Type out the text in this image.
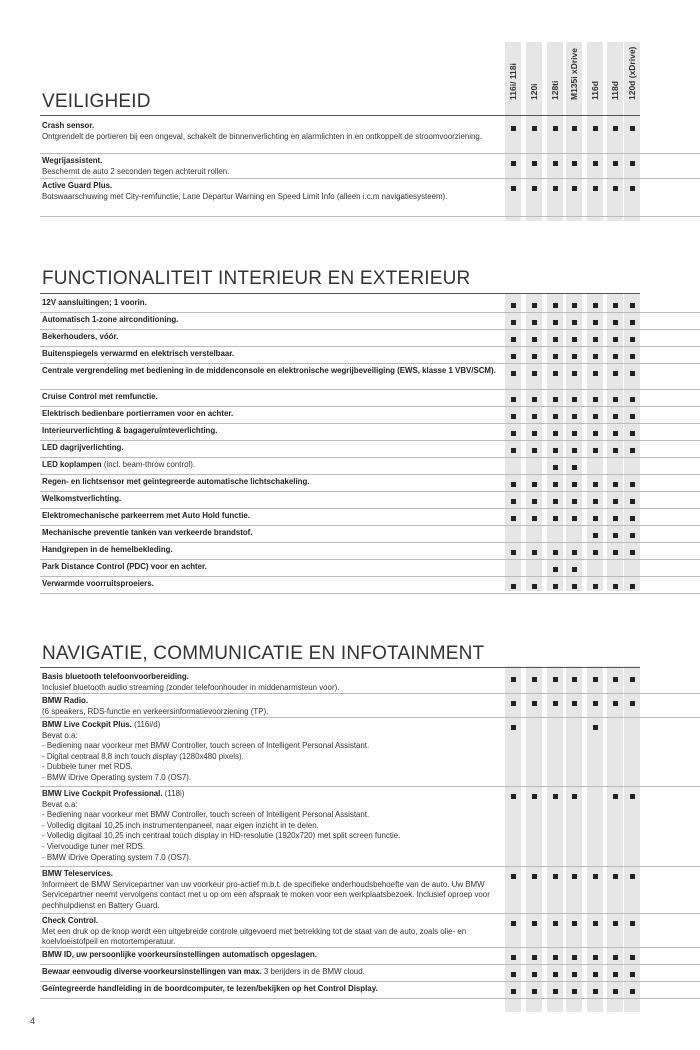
116i/ 118i 120i 128ti M135i xDrive 116d 118d 120d (xDrive)
VEILIGHEID
Crash sensor.
Ontgrendelt de portieren bij een ongeval, schakelt de binnenverlichting en alarmlichten in en ontkoppelt de stroomvoorziening.
Wegrijassistent.
Beschermt de auto 2 seconden tegen achteruit rollen.
Active Guard Plus.
Botswaarschuwing met City-remfunctie, Lane Departur Warning en Speed Limit Info (alleen i.c.m navigatiesysteem).
FUNCTIONALITEIT INTERIEUR EN EXTERIEUR
12V aansluitingen; 1 voorin.
Automatisch 1-zone airconditioning.
Bekerhouders, vóór.
Buitenspiegels verwarmd en elektrisch verstelbaar.
Centrale vergrendeling met bediening in de middenconsole en elektronische wegrijbeveiliging (EWS, klasse 1 VBV/SCM).
Cruise Control met remfunctie.
Elektrisch bedienbare portierramen voor en achter.
Interieurverlichting & bagageruimteverlichting.
LED dagrijverlichting.
LED koplampen (incl. beam-throw control).
Regen- en lichtsensor met geïntegreerde automatische lichtschakeling.
Welkomstverlichting.
Elektromechanische parkeerrem met Auto Hold functie.
Mechanische preventie tanken van verkeerde brandstof.
Handgrepen in de hemelbekleding.
Park Distance Control (PDC) voor en achter.
Verwarmde voorruitsproeiers.
NAVIGATIE, COMMUNICATIE EN INFOTAINMENT
Basis bluetooth telefoonvoorbereiding.
Inclusief bluetooth audio streaming (zonder telefoonhouder in middenarmsteun voor).
BMW Radio.
(6 speakers, RDS-functie en verkeersinformatievoorziening (TP).
BMW Live Cockpit Plus. (116i/d)
Bevat o.a:
- Bediening naar voorkeur met BMW Controller, touch screen of Intelligent Personal Assistant.
- Digital centraal 8,8 inch touch display (1280x480 pixels).
- Dubbele tuner met RDS.
- BMW iDrive Operating system 7.0 (OS7).
BMW Live Cockpit Professional. (118i)
Bevat o.a:
- Bediening naar voorkeur met BMW Controller, touch screen of Intelligent Personal Assistant.
- Volledig digitaal 10,25 inch instrumentenpaneel, naar eigen inzicht in te delen.
- Volledig digitaal 10,25 inch centraal touch display in HD-resolutie (1920x720) met split screen functie.
- Viervoudige tuner met RDS.
- BMW iDrive Operating system 7.0 (OS7).
BMW Teleservices.
Informeert de BMW Servicepartner van uw voorkeur pro-actief m.b.t. de specifieke onderhoudsbehoefte van de auto. Uw BMW Servicepartner neemt vervolgens contact met u op om een afspraak te moken voor een werkplaatsbezoek. Inclusief oproep voor pechhulpdienst en Battery Guard.
Check Control.
Met een druk op de knop wordt een uitgebreide controle uitgevoerd met betrekking tot de staat van de auto, zoals olie- en koelvloeistofpeil en motortemperatuur.
BMW ID, uw persoonlijke voorkeursinstellingen automatisch opgeslagen.
Bewaar eenvoudig diverse voorkeursinstellingen van max. 3 berijders in de BMW cloud.
Geïntegreerde handleiding in de boordcomputer, te lezen/bekijken op het Control Display.
4
